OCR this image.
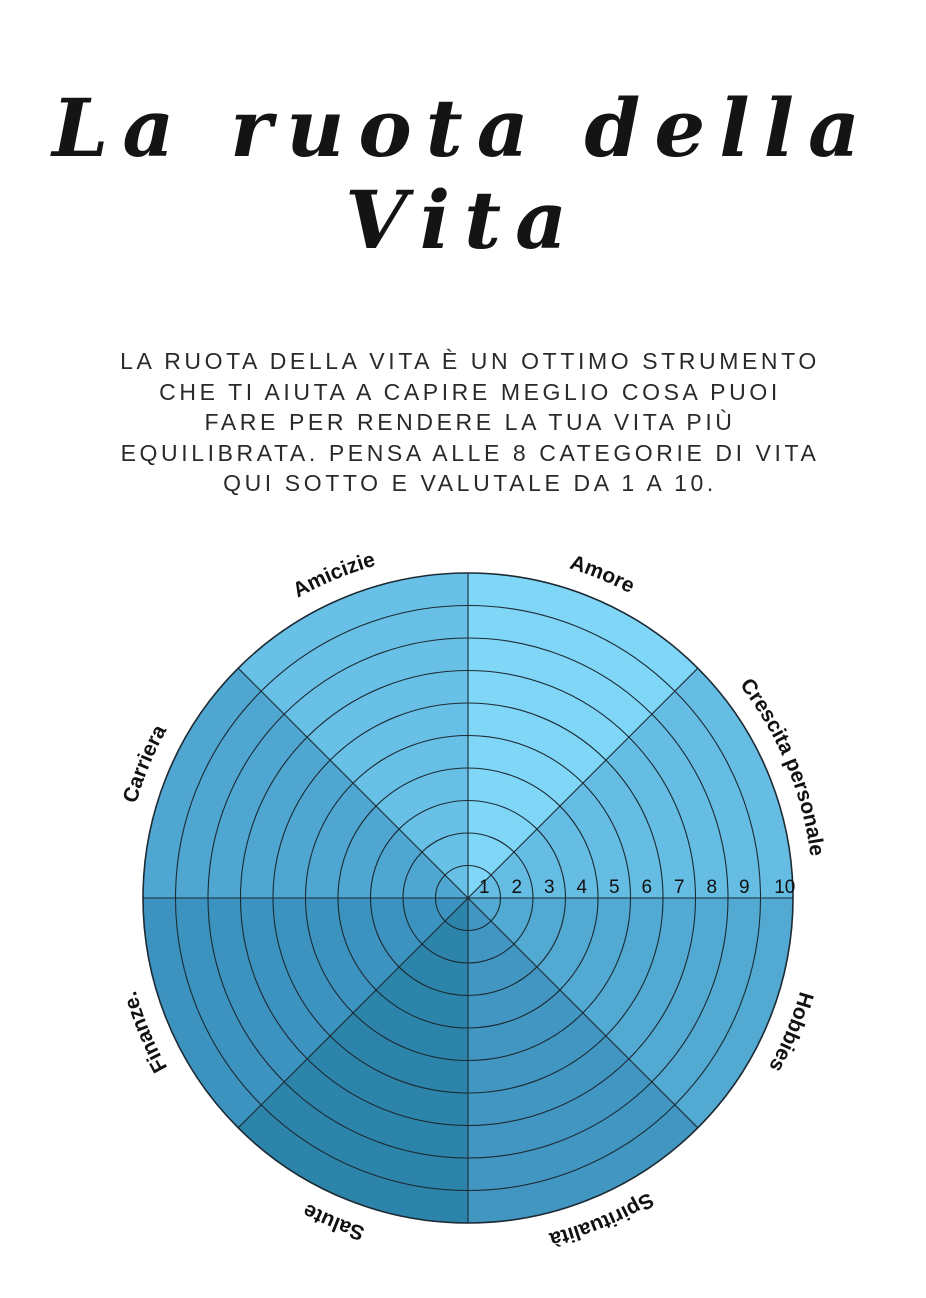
La ruota della
Vita

LA RUOTA DELLA VITA È UN OTTIMO STRUMENTO CHE TI AIUTA A CAPIRE MEGLIO COSA PUOI FARE PER RENDERE LA TUA VITA PIÙ EQUILIBRATA. PENSA ALLE 8 CATEGORIE DI VITA QUI SOTTO E VALUTALE DA 1 A 10.

1 2 3 4 5 6 7 8 9 10
Amore
Crescita personale
Hobbies
Spiritualità
Salute
Finanze.
Carriera
Amicizie
